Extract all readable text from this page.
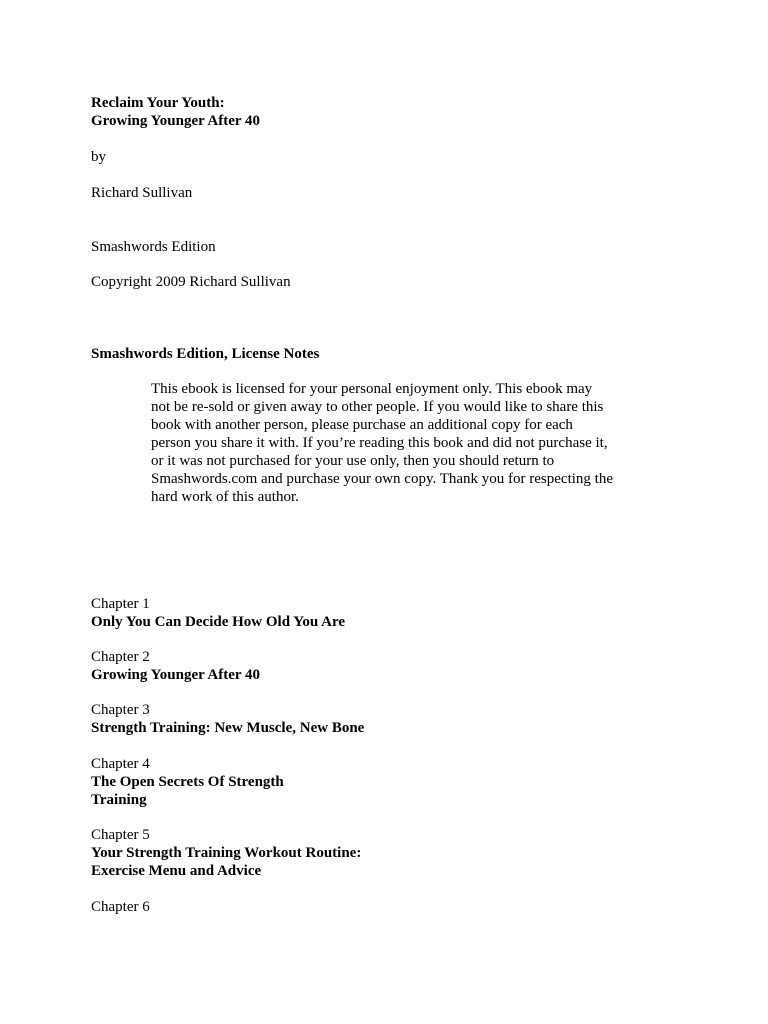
Reclaim Your Youth:
Growing Younger After 40
by
Richard Sullivan
Smashwords Edition
Copyright 2009 Richard Sullivan
Smashwords Edition, License Notes
This ebook is licensed for your personal enjoyment only. This ebook may
not be re-sold or given away to other people. If you would like to share this
book with another person, please purchase an additional copy for each
person you share it with. If you’re reading this book and did not purchase it,
or it was not purchased for your use only, then you should return to
Smashwords.com and purchase your own copy. Thank you for respecting the
hard work of this author.
Chapter 1
Only You Can Decide How Old You Are
Chapter 2
Growing Younger After 40
Chapter 3
Strength Training: New Muscle, New Bone
Chapter 4
The Open Secrets Of Strength
Training
Chapter 5
Your Strength Training Workout Routine:
Exercise Menu and Advice
Chapter 6
